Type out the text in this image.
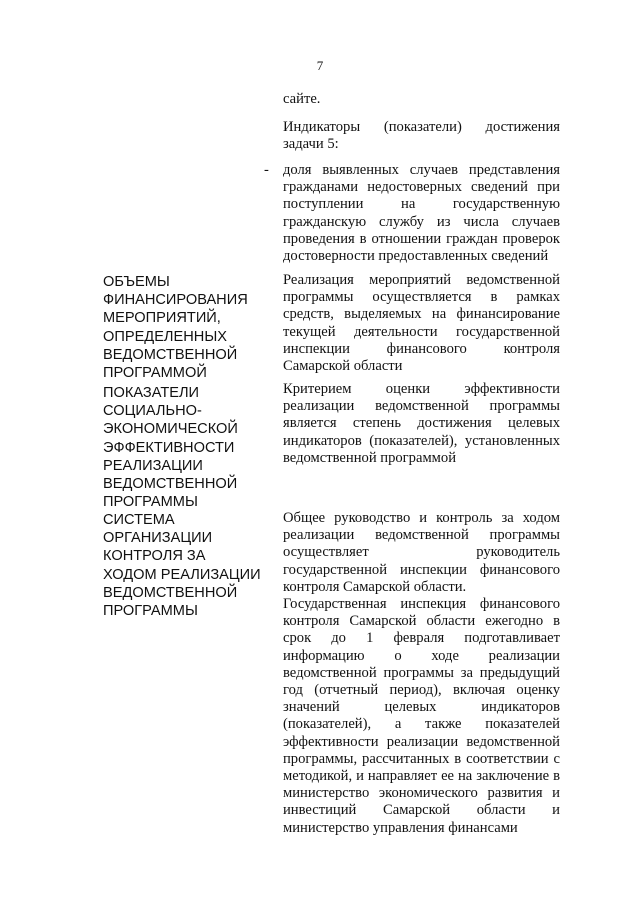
7

сайте.

Индикаторы (показатели) достижения задачи 5:

- доля выявленных случаев представления гражданами недостоверных сведений при поступлении на государственную гражданскую службу из числа случаев проведения в отношении граждан проверок достоверности предоставленных сведений

ОБЪЕМЫ
ФИНАНСИРОВАНИЯ
МЕРОПРИЯТИЙ,
ОПРЕДЕЛЕННЫХ
ВЕДОМСТВЕННОЙ
ПРОГРАММОЙ

Реализация мероприятий ведомственной программы осуществляется в рамках средств, выделяемых на финансирование текущей деятельности государственной инспекции финансового контроля Самарской области

ПОКАЗАТЕЛИ
СОЦИАЛЬНО-
ЭКОНОМИЧЕСКОЙ
ЭФФЕКТИВНОСТИ
РЕАЛИЗАЦИИ
ВЕДОМСТВЕННОЙ
ПРОГРАММЫ

Критерием оценки эффективности реализации ведомственной программы является степень достижения целевых индикаторов (показателей), установленных ведомственной программой

СИСТЕМА
ОРГАНИЗАЦИИ
КОНТРОЛЯ ЗА
ХОДОМ РЕАЛИЗАЦИИ
ВЕДОМСТВЕННОЙ
ПРОГРАММЫ

Общее руководство и контроль за ходом реализации ведомственной программы осуществляет руководитель государственной инспекции финансового контроля Самарской области.

Государственная инспекция финансового контроля Самарской области ежегодно в срок до 1 февраля подготавливает информацию о ходе реализации ведомственной программы за предыдущий год (отчетный период), включая оценку значений целевых индикаторов (показателей), а также показателей эффективности реализации ведомственной программы, рассчитанных в соответствии с методикой, и направляет ее на заключение в министерство экономического развития и инвестиций Самарской области и министерство управления финансами
